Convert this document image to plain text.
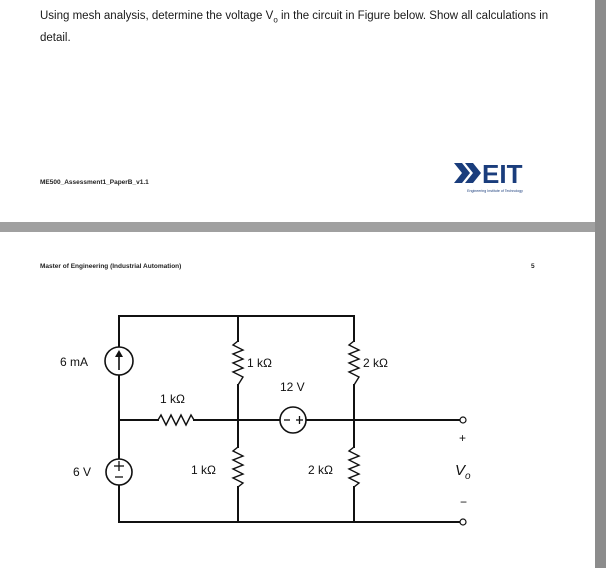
Using mesh analysis, determine the voltage $V_o$ in the circuit in Figure below. Show all calculations in detail.
ME500_Assessment1_PaperB_v1.1	EIT
Engineering Institute of Technology
Master of Engineering (Industrial Automation)	5
6 mA
6 V
1 kΩ	2 kΩ
12 V
1 kΩ
1 kΩ	2 kΩ
+
$V_o$
−
